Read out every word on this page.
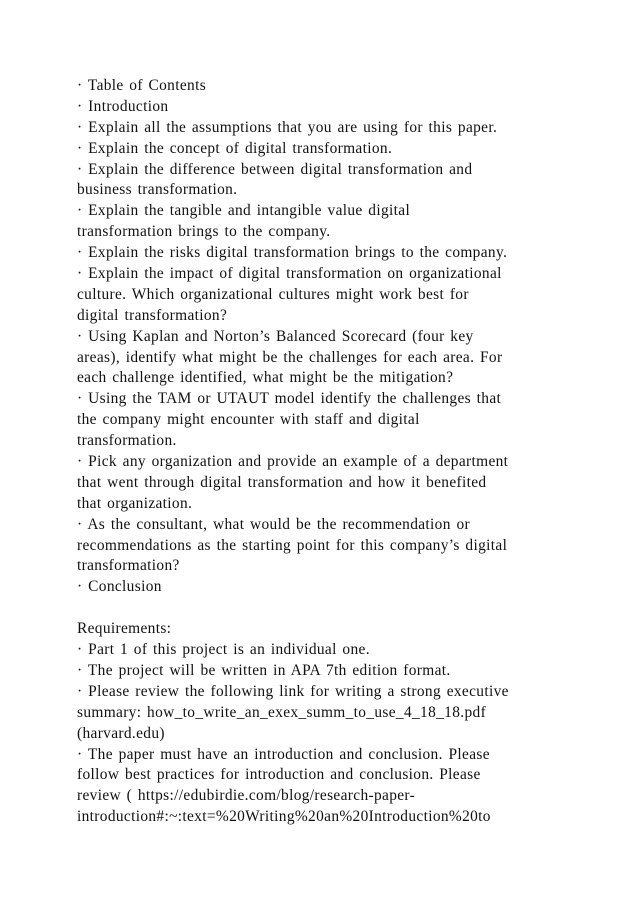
· Table of Contents
· Introduction
· Explain all the assumptions that you are using for this paper.
· Explain the concept of digital transformation.
· Explain the difference between digital transformation and
business transformation.
· Explain the tangible and intangible value digital
transformation brings to the company.
· Explain the risks digital transformation brings to the company.
· Explain the impact of digital transformation on organizational
culture. Which organizational cultures might work best for
digital transformation?
· Using Kaplan and Norton’s Balanced Scorecard (four key
areas), identify what might be the challenges for each area. For
each challenge identified, what might be the mitigation?
· Using the TAM or UTAUT model identify the challenges that
the company might encounter with staff and digital
transformation.
· Pick any organization and provide an example of a department
that went through digital transformation and how it benefited
that organization.
· As the consultant, what would be the recommendation or
recommendations as the starting point for this company’s digital
transformation?
· Conclusion
Requirements:
· Part 1 of this project is an individual one.
· The project will be written in APA 7th edition format.
· Please review the following link for writing a strong executive
summary: how_to_write_an_exex_summ_to_use_4_18_18.pdf
(harvard.edu)
· The paper must have an introduction and conclusion. Please
follow best practices for introduction and conclusion. Please
review ( https://edubirdie.com/blog/research-paper-
introduction#:~:text=%20Writing%20an%20Introduction%20to
